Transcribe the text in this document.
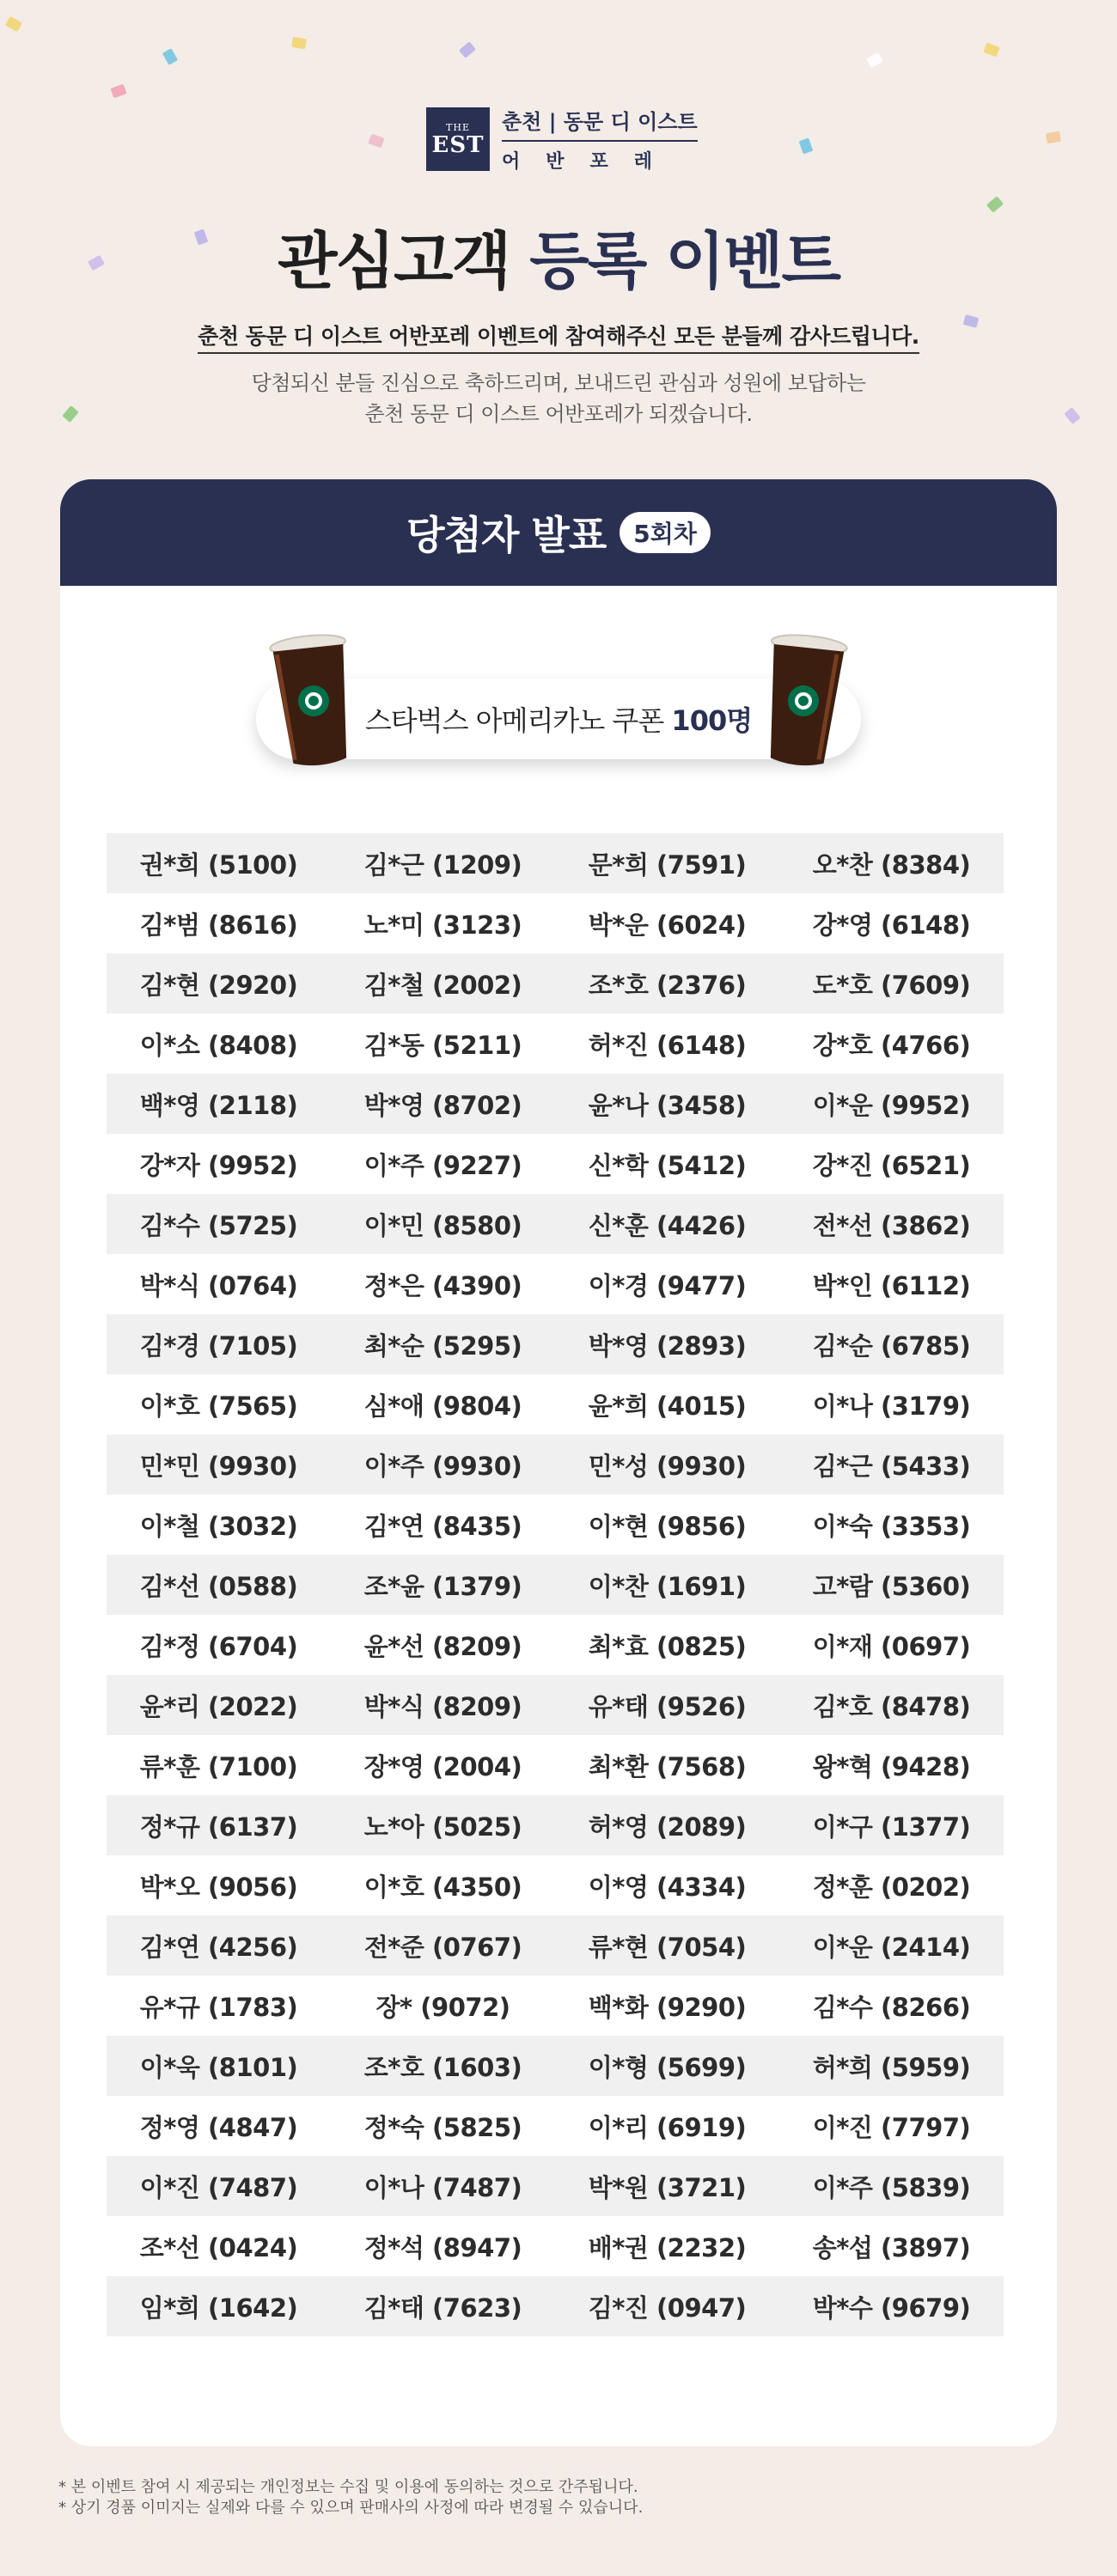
THE
EST
춘천 | 동문 디 이스트
어반포레
관심고객 등록 이벤트
춘천 동문 디 이스트 어반포레 이벤트에 참여해주신 모든 분들께 감사드립니다.
당첨되신 분들 진심으로 축하드리며, 보내드린 관심과 성원에 보답하는
춘천 동문 디 이스트 어반포레가 되겠습니다.
당첨자 발표	5회차
스타벅스 아메리카노 쿠폰 100명
권*희 (5100)	김*근 (1209)	문*희 (7591)	오*찬 (8384)
김*범 (8616)	노*미 (3123)	박*운 (6024)	강*영 (6148)
김*현 (2920)	김*철 (2002)	조*호 (2376)	도*호 (7609)
이*소 (8408)	김*동 (5211)	허*진 (6148)	강*호 (4766)
백*영 (2118)	박*영 (8702)	윤*나 (3458)	이*운 (9952)
강*자 (9952)	이*주 (9227)	신*학 (5412)	강*진 (6521)
김*수 (5725)	이*민 (8580)	신*훈 (4426)	전*선 (3862)
박*식 (0764)	정*은 (4390)	이*경 (9477)	박*인 (6112)
김*경 (7105)	최*순 (5295)	박*영 (2893)	김*순 (6785)
이*호 (7565)	심*애 (9804)	윤*희 (4015)	이*나 (3179)
민*민 (9930)	이*주 (9930)	민*성 (9930)	김*근 (5433)
이*철 (3032)	김*연 (8435)	이*현 (9856)	이*숙 (3353)
김*선 (0588)	조*윤 (1379)	이*찬 (1691)	고*람 (5360)
김*정 (6704)	윤*선 (8209)	최*효 (0825)	이*재 (0697)
윤*리 (2022)	박*식 (8209)	유*태 (9526)	김*호 (8478)
류*훈 (7100)	장*영 (2004)	최*환 (7568)	왕*혁 (9428)
정*규 (6137)	노*아 (5025)	허*영 (2089)	이*구 (1377)
박*오 (9056)	이*호 (4350)	이*영 (4334)	정*훈 (0202)
김*연 (4256)	전*준 (0767)	류*현 (7054)	이*운 (2414)
유*규 (1783)	장* (9072)	백*화 (9290)	김*수 (8266)
이*욱 (8101)	조*호 (1603)	이*형 (5699)	허*희 (5959)
정*영 (4847)	정*숙 (5825)	이*리 (6919)	이*진 (7797)
이*진 (7487)	이*나 (7487)	박*원 (3721)	이*주 (5839)
조*선 (0424)	정*석 (8947)	배*권 (2232)	송*섭 (3897)
임*희 (1642)	김*태 (7623)	김*진 (0947)	박*수 (9679)
* 본 이벤트 참여 시 제공되는 개인정보는 수집 및 이용에 동의하는 것으로 간주됩니다.
* 상기 경품 이미지는 실제와 다를 수 있으며 판매사의 사정에 따라 변경될 수 있습니다.
